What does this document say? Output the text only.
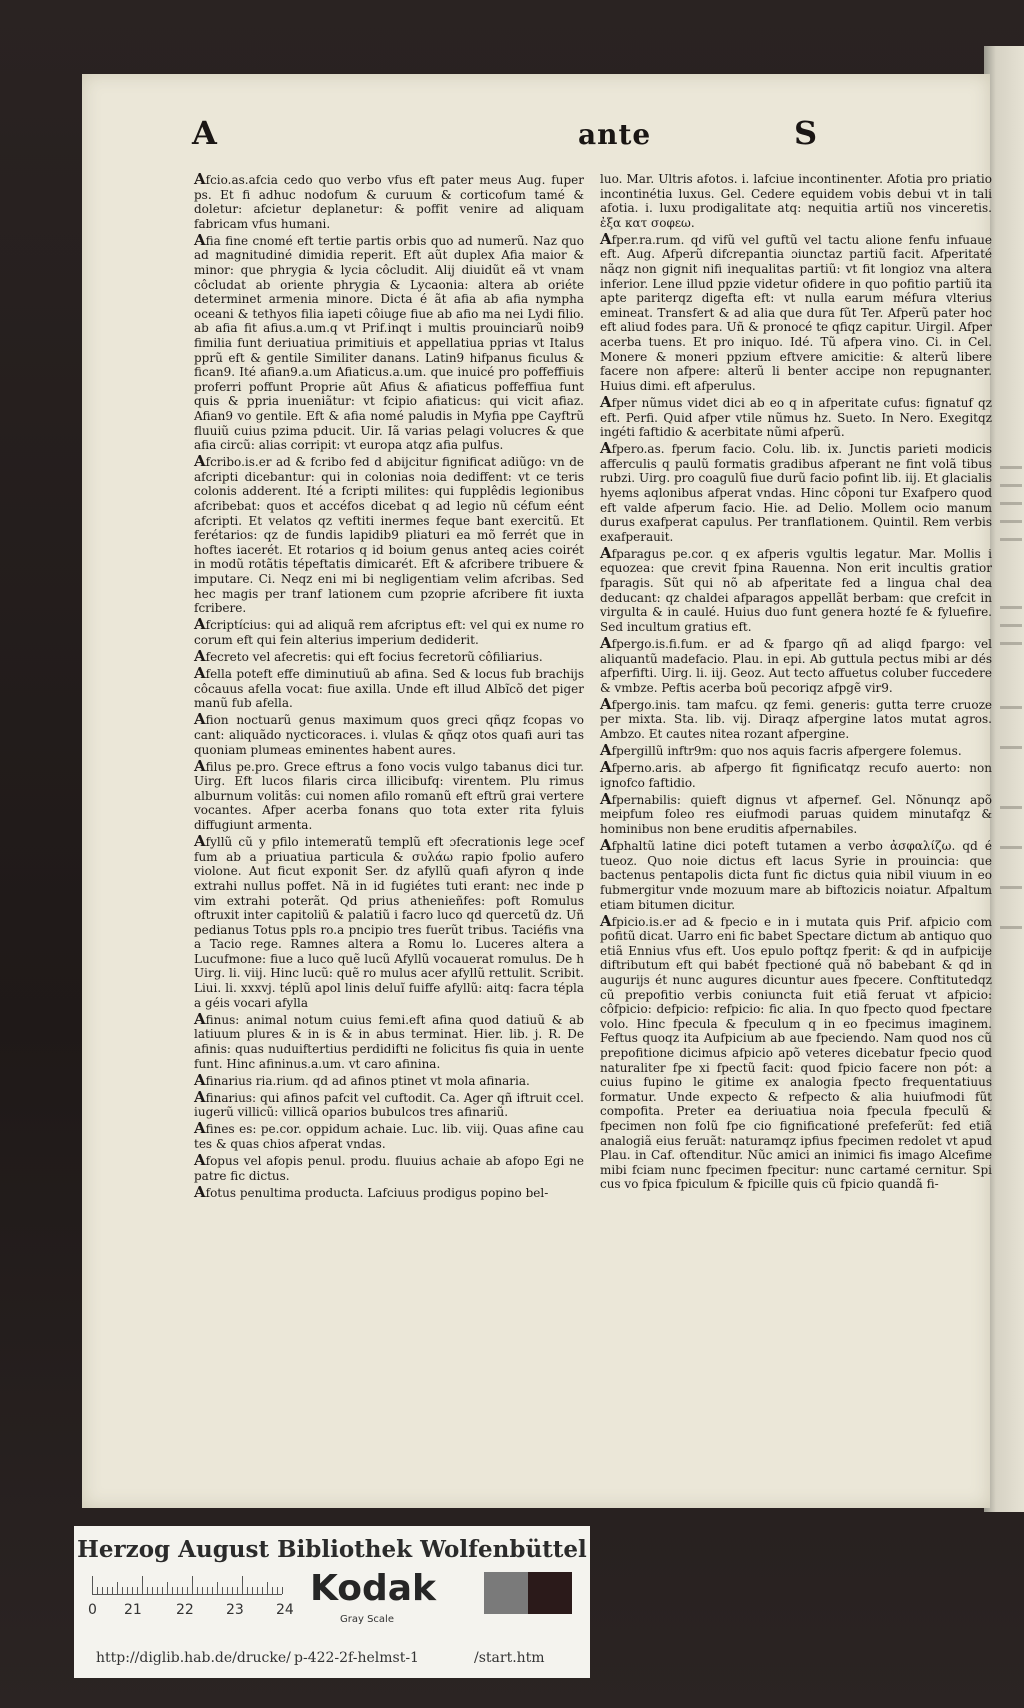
A	ante	S
Afcio.as.afcia cedo quo verbo vfus eft pater meus Aug. fuper ps. Et fi adhuc nodofum & curuum & corticofum tamé & doletur: afcietur deplanetur: & poffit venire ad aliquam fabricam vfus humani.
Afia fine cnomé eft tertie partis orbis quo ad numerũ. Naz quo ad magnitudiné dimidia reperit. Eft aũt duplex Afia maior & minor: que phrygia & lycia côcludit. Alij diuidũt eã vt vnam côcludat ab oriente phrygia & Lycaonia: altera ab oriéte determinet armenia minore. Dicta é ãt afia ab afia nympha oceani & tethyos filia iapeti côiuge fiue ab afio ma nei Lydi filio. ab afia fit afius.a.um.q vt Prif.inqt i multis prouinciarũ noib9 fimilia funt deriuatiua primitiuis et appellatiua pprias vt Italus pprũ eft & gentile Similiter danans. Latin9 hifpanus ficulus & fican9. Ité afian9.a.um Afiaticus.a.um. que inuicé pro poffeffiuis proferri poffunt Proprie aũt Afius & afiaticus poffeffiua funt quis & ppria inueniãtur: vt fcipio afiaticus: qui vicit afiaz. Afian9 vo gentile. Eft & afia nomé paludis in Myfia ppe Cayftrũ fluuiũ cuius pzima pducit. Uir. Iã varias pelagi volucres & que afia circũ: alias corripit: vt europa atqz afia pulfus.
Afcribo.is.er ad & fcribo fed d abijcitur fignificat adiũgo: vn de afcripti dicebantur: qui in colonias noia dediffent: vt ce teris colonis adderent. Ité a fcripti milites: qui fupplêdis legionibus afcribebat: quos et accéfos dicebat q ad legio nũ céfum eént afcripti. Et velatos qz veftiti inermes feque bant exercitũ. Et ferétarios: qz de fundis lapidib9 pliaturi ea mõ ferrét que in hoftes iacerét. Et rotarios q id boium genus anteq acies coirét in modũ rotãtis tépeftatis dimicarét. Eft & afcribere tribuere & imputare. Ci. Neqz eni mi bi negligentiam velim afcribas. Sed hec magis per tranf lationem cum pzoprie afcribere fit iuxta fcribere.
Afcriptícius: qui ad aliquã rem afcriptus eft: vel qui ex nume ro corum eft qui fein alterius imperium dediderit.
Afecreto vel afecretis: qui eft focius fecretorũ côfiliarius.
Afella poteft effe diminutiuũ ab afina. Sed & locus fub brachijs côcauus afella vocat: fiue axilla. Unde eft illud Albĩcõ det piger manũ fub afella.
Afion noctuarũ genus maximum quos greci qñqz fcopas vo cant: aliquãdo nycticoraces. i. vlulas & qñqz otos quafi auri tas quoniam plumeas eminentes habent aures.
Afilus pe.pro. Grece eftrus a fono vocis vulgo tabanus dici tur. Uirg. Eft lucos filaris circa illicibufq: virentem. Plu rimus alburnum volitãs: cui nomen afilo romanũ eft eftrũ grai vertere vocantes. Afper acerba fonans quo tota exter rita fyluis diffugiunt armenta.
Afyllũ cũ y pfilo intemeratũ templũ eft ɔfecrationis lege ɔcef fum ab a priuatiua particula & συλάω rapio fpolio aufero violone. Aut ficut exponit Ser. dz afyllũ quafi afyron q inde extrahi nullus poffet. Nã in id fugiétes tuti erant: nec inde p vim extrahi poterãt. Qd prius athenieñfes: poft Romulus oftruxit inter capitoliũ & palatiũ i facro luco qd quercetũ dz. Uñ pedianus Totus ppls ro.a pncipio tres fuerũt tribus. Taciéfis vna a Tacio rege. Ramnes altera a Romu lo. Luceres altera a Lucufmone: fiue a luco quẽ lucũ Afyllũ vocauerat romulus. De h Uirg. li. viij. Hinc lucũ: quẽ ro mulus acer afyllũ rettulit. Scribit. Liui. li. xxxvj. téplũ apol linis deluĩ fuiffe afyllũ: aitq: facra tépla a géis vocari afylla
Afinus: animal notum cuius femi.eft afina quod datiuũ & ab latiuum plures & in is & in abus terminat. Hier. lib. j. R. De afinis: quas nuduiftertius perdidifti ne folicitus fis quia in uente funt. Hinc afininus.a.um. vt caro afinina.
Afinarius ria.rium. qd ad afinos ptinet vt mola afinaria.
Afinarius: qui afinos pafcit vel cuftodit. Ca. Ager qñ iftruit ccel. iugerũ villicũ: villicã oparios bubulcos tres afinariũ.
Afines es: pe.cor. oppidum achaie. Luc. lib. viij. Quas afine cau tes & quas chios afperat vndas.
Afopus vel afopis penul. produ. fluuius achaie ab afopo Egi ne patre fic dictus.
Afotus penultima producta. Lafciuus prodigus popino bel-
luo. Mar. Ultris afotos. i. lafciue incontinenter. Afotia pro priatio incontinétia luxus. Gel. Cedere equidem vobis debui vt in tali afotia. i. luxu prodigalitate atq: nequitia artiũ nos vinceretis. ἐξα κατ σοφεω.
Afper.ra.rum. qd vifũ vel guftũ vel tactu alione fenfu infuaue eft. Aug. Afperũ difcrepantia ɔiunctaz partiũ facit. Afperitaté nãqz non gignit nifi inequalitas partiũ: vt fit longioz vna altera inferior. Lene illud ppzie videtur ofidere in quo pofitio partiũ ita apte pariterqz digefta eft: vt nulla earum méfura vlterius emineat. Transfert & ad alia que dura fũt Ter. Afperũ pater hoc eft aliud fodes para. Uñ & pronocé te qfiqz capitur. Uirgil. Afper acerba tuens. Et pro iniquo. Idé. Tũ afpera vino. Ci. in Cel. Monere & moneri ppzium eftvere amicitie: & alterũ libere facere non afpere: alterũ li benter accipe non repugnanter. Huius dimi. eft afperulus.
Afper nũmus videt dici ab eo q in afperitate cufus: fignatuf qz eft. Perfi. Quid afper vtile nũmus hz. Sueto. In Nero. Exegitqz ingéti faftidio & acerbitate nũmi afperũ.
Afpero.as. fperum facio. Colu. lib. ix. Junctis parieti modicis afferculis q paulũ formatis gradibus afperant ne fint volã tibus rubzi. Uirg. pro coagulũ fiue durũ facio pofint lib. iij. Et glacialis hyems aqlonibus afperat vndas. Hinc côponi tur Exafpero quod eft valde afperum facio. Hie. ad Delio. Mollem ocio manum durus exafperat capulus. Per tranflationem. Quintil. Rem verbis exafperauit.
Afparagus pe.cor. q ex afperis vgultis legatur. Mar. Mollis i equozea: que crevit fpina Rauenna. Non erit incultis gratior fparagis. Sũt qui nõ ab afperitate fed a lingua chal dea deducant: qz chaldei afparagos appellãt berbam: que crefcit in virgulta & in caulé. Huius duo funt genera hozté fe & fyluefire. Sed incultum gratius eft.
Afpergo.is.fi.fum. er ad & fpargo qñ ad aliqd fpargo: vel aliquantũ madefacio. Plau. in epi. Ab guttula pectus mibi ar dés afperfifti. Uirg. li. iij. Geoz. Aut tecto affuetus coluber fuccedere & vmbze. Peftis acerba boũ pecoriqz afpgẽ vir9.
Afpergo.inis. tam mafcu. qz femi. generis: gutta terre cruoze per mixta. Sta. lib. vij. Diraqz afpergine latos mutat agros. Ambzo. Et cautes nitea rozant afpergine.
Afpergillũ inftr9m: quo nos aquis facris afpergere folemus.
Afperno.aris. ab afpergo fit fignificatqz recufo auerto: non ignofco faftidio.
Afpernabilis: quieft dignus vt afpernef. Gel. Nõnunqz apõ meipfum foleo res eiufmodi paruas quidem minutafqz & hominibus non bene eruditis afpernabiles.
Afphaltũ latine dici poteft tutamen a verbo ἀσφαλίζω. qd é tueoz. Quo noie dictus eft lacus Syrie in prouincia: que bactenus pentapolis dicta funt fic dictus quia nibil viuum in eo fubmergitur vnde mozuum mare ab biftozicis noiatur. Afpaltum etiam bitumen dicitur.
Afpicio.is.er ad & fpecio e in i mutata quis Prif. afpicio com pofitũ dicat. Uarro eni fic babet Spectare dictum ab antiquo quo etiã Ennius vfus eft. Uos epulo poftqz fperit: & qd in aufpicije diftributum eft qui babét fpectioné quã nõ babebant & qd in augurijs ét nunc augures dicuntur aues fpecere. Conftitutedqz cũ prepofitio verbis coniuncta fuit etiã feruat vt afpicio: côfpicio: defpicio: refpicio: fic alia. In quo fpecto quod fpectare volo. Hinc fpecula & fpeculum q in eo fpecimus imaginem. Feftus quoqz ita Aufpicium ab aue fpeciendo. Nam quod nos cũ prepofitione dicimus afpicio apõ veteres dicebatur fpecio quod naturaliter fpe xi fpectũ facit: quod fpicio facere non pót: a cuius fupino le gitime ex analogia fpecto frequentatiuus formatur. Unde expecto & refpecto & alia huiufmodi fũt compofita. Preter ea deriuatiua noia fpecula fpeculũ & fpecimen non folũ fpe cio fignificationé prefeferũt: fed etiã analogiã eius feruãt: naturamqz ipfius fpecimen redolet vt apud Plau. in Caf. oftenditur. Nũc amici an inimici fis imago Alcefime mibi fciam nunc fpecimen fpecitur: nunc cartamé cernitur. Spi cus vo fpica fpiculum & fpicille quis cũ fpicio quandã fi-
Herzog August Bibliothek Wolfenbüttel
0 21 22 23 24
Kodak
Gray Scale
http://diglib.hab.de/drucke/ p-422-2f-helmst-1	/start.htm
